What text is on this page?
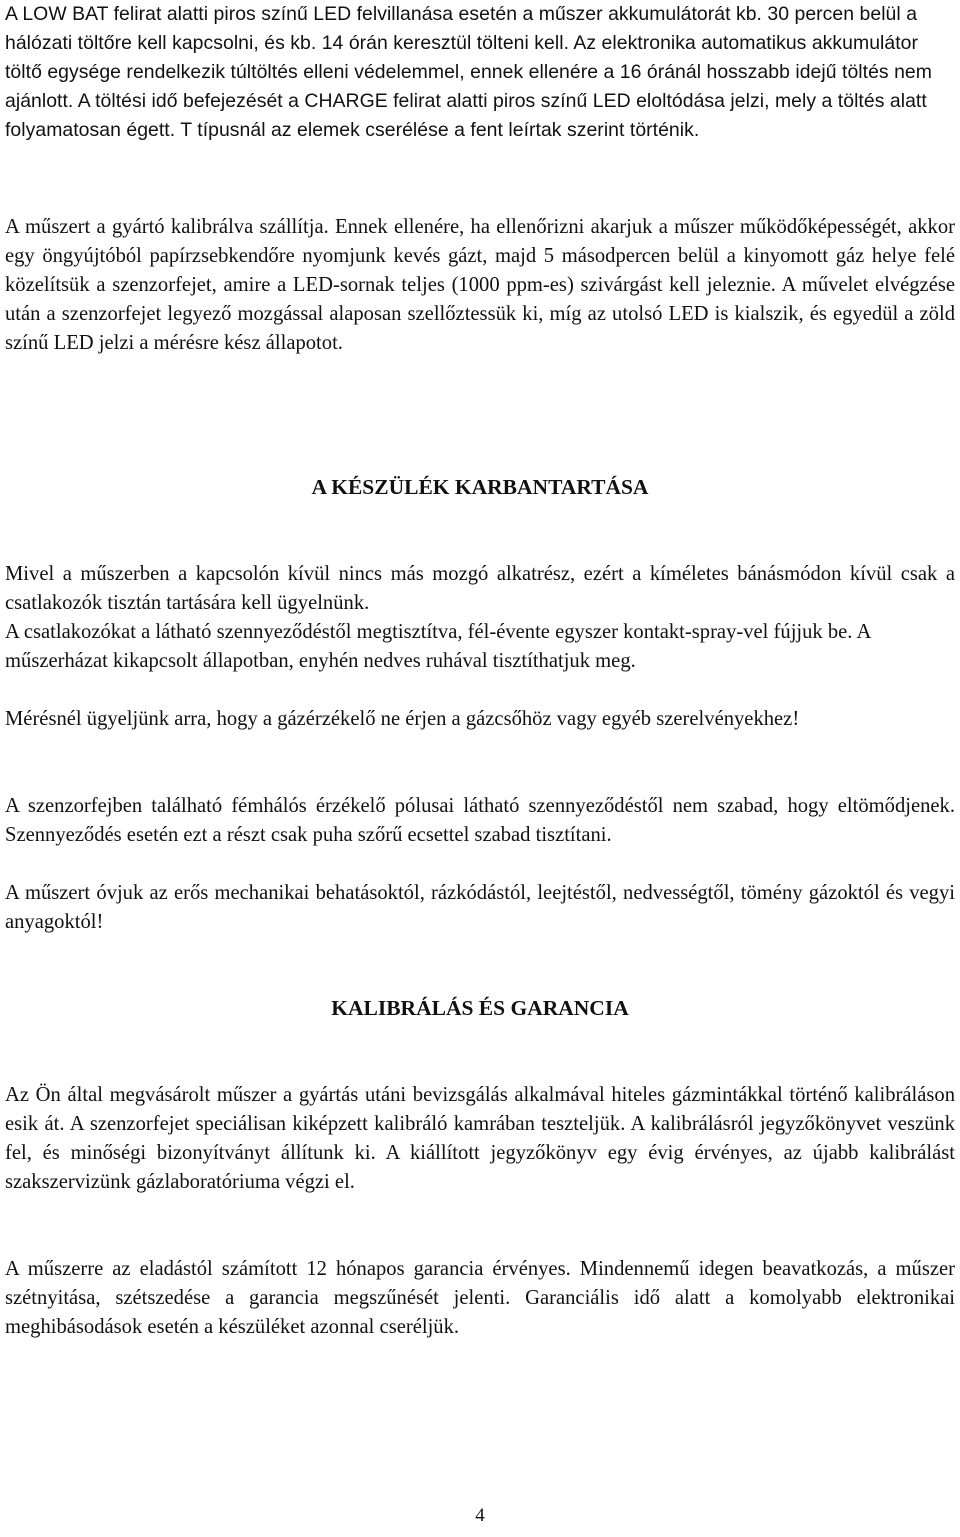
A LOW BAT felirat alatti piros színű LED felvillanása esetén a műszer akkumulátorát kb. 30 percen belül a hálózati töltőre kell kapcsolni, és kb. 14 órán keresztül tölteni kell. Az elektronika automatikus akkumulátor töltő egysége rendelkezik túltöltés elleni védelemmel, ennek ellenére a 16 óránál hosszabb idejű töltés nem ajánlott. A töltési idő befejezését a CHARGE felirat alatti piros színű LED eloltódása jelzi, mely a töltés alatt folyamatosan égett. T típusnál az elemek cserélése a fent leírtak szerint történik.

A műszert a gyártó kalibrálva szállítja. Ennek ellenére, ha ellenőrizni akarjuk a műszer működőképességét, akkor egy öngyújtóból papírzsebkendőre nyomjunk kevés gázt, majd 5 másodpercen belül a kinyomott gáz helye felé közelítsük a szenzorfejet, amire a LED-sornak teljes (1000 ppm-es) szivárgást kell jeleznie. A művelet elvégzése után a szenzorfejet legyező mozgással alaposan szellőztessük ki, míg az utolsó LED is kialszik, és egyedül a zöld színű LED jelzi a mérésre kész állapotot.

A KÉSZÜLÉK KARBANTARTÁSA

Mivel a műszerben a kapcsolón kívül nincs más mozgó alkatrész, ezért a kíméletes bánásmódon kívül csak a csatlakozók tisztán tartására kell ügyelnünk.

A csatlakozókat a látható szennyeződéstől megtisztítva, fél-évente egyszer kontakt-spray-vel fújjuk be. A műszerházat kikapcsolt állapotban, enyhén nedves ruhával tisztíthatjuk meg.

Mérésnél ügyeljünk arra, hogy a gázérzékelő ne érjen a gázcsőhöz vagy egyéb szerelvényekhez!

A szenzorfejben található fémhálós érzékelő pólusai látható szennyeződéstől nem szabad, hogy eltömődjenek. Szennyeződés esetén ezt a részt csak puha szőrű ecsettel szabad tisztítani.

A műszert óvjuk az erős mechanikai behatásoktól, rázkódástól, leejtéstől, nedvességtől, tömény gázoktól és vegyi anyagoktól!

KALIBRÁLÁS ÉS GARANCIA

Az Ön által megvásárolt műszer a gyártás utáni bevizsgálás alkalmával hiteles gázmintákkal történő kalibráláson esik át. A szenzorfejet speciálisan kiképzett kalibráló kamrában teszteljük. A kalibrálásról jegyzőkönyvet veszünk fel, és minőségi bizonyítványt állítunk ki. A kiállított jegyzőkönyv egy évig érvényes, az újabb kalibrálást szakszervizünk gázlaboratóriuma végzi el.

A műszerre az eladástól számított 12 hónapos garancia érvényes. Mindennemű idegen beavatkozás, a műszer szétnyitása, szétszedése a garancia megszűnését jelenti. Garanciális idő alatt a komolyabb elektronikai meghibásodások esetén a készüléket azonnal cseréljük.

4
